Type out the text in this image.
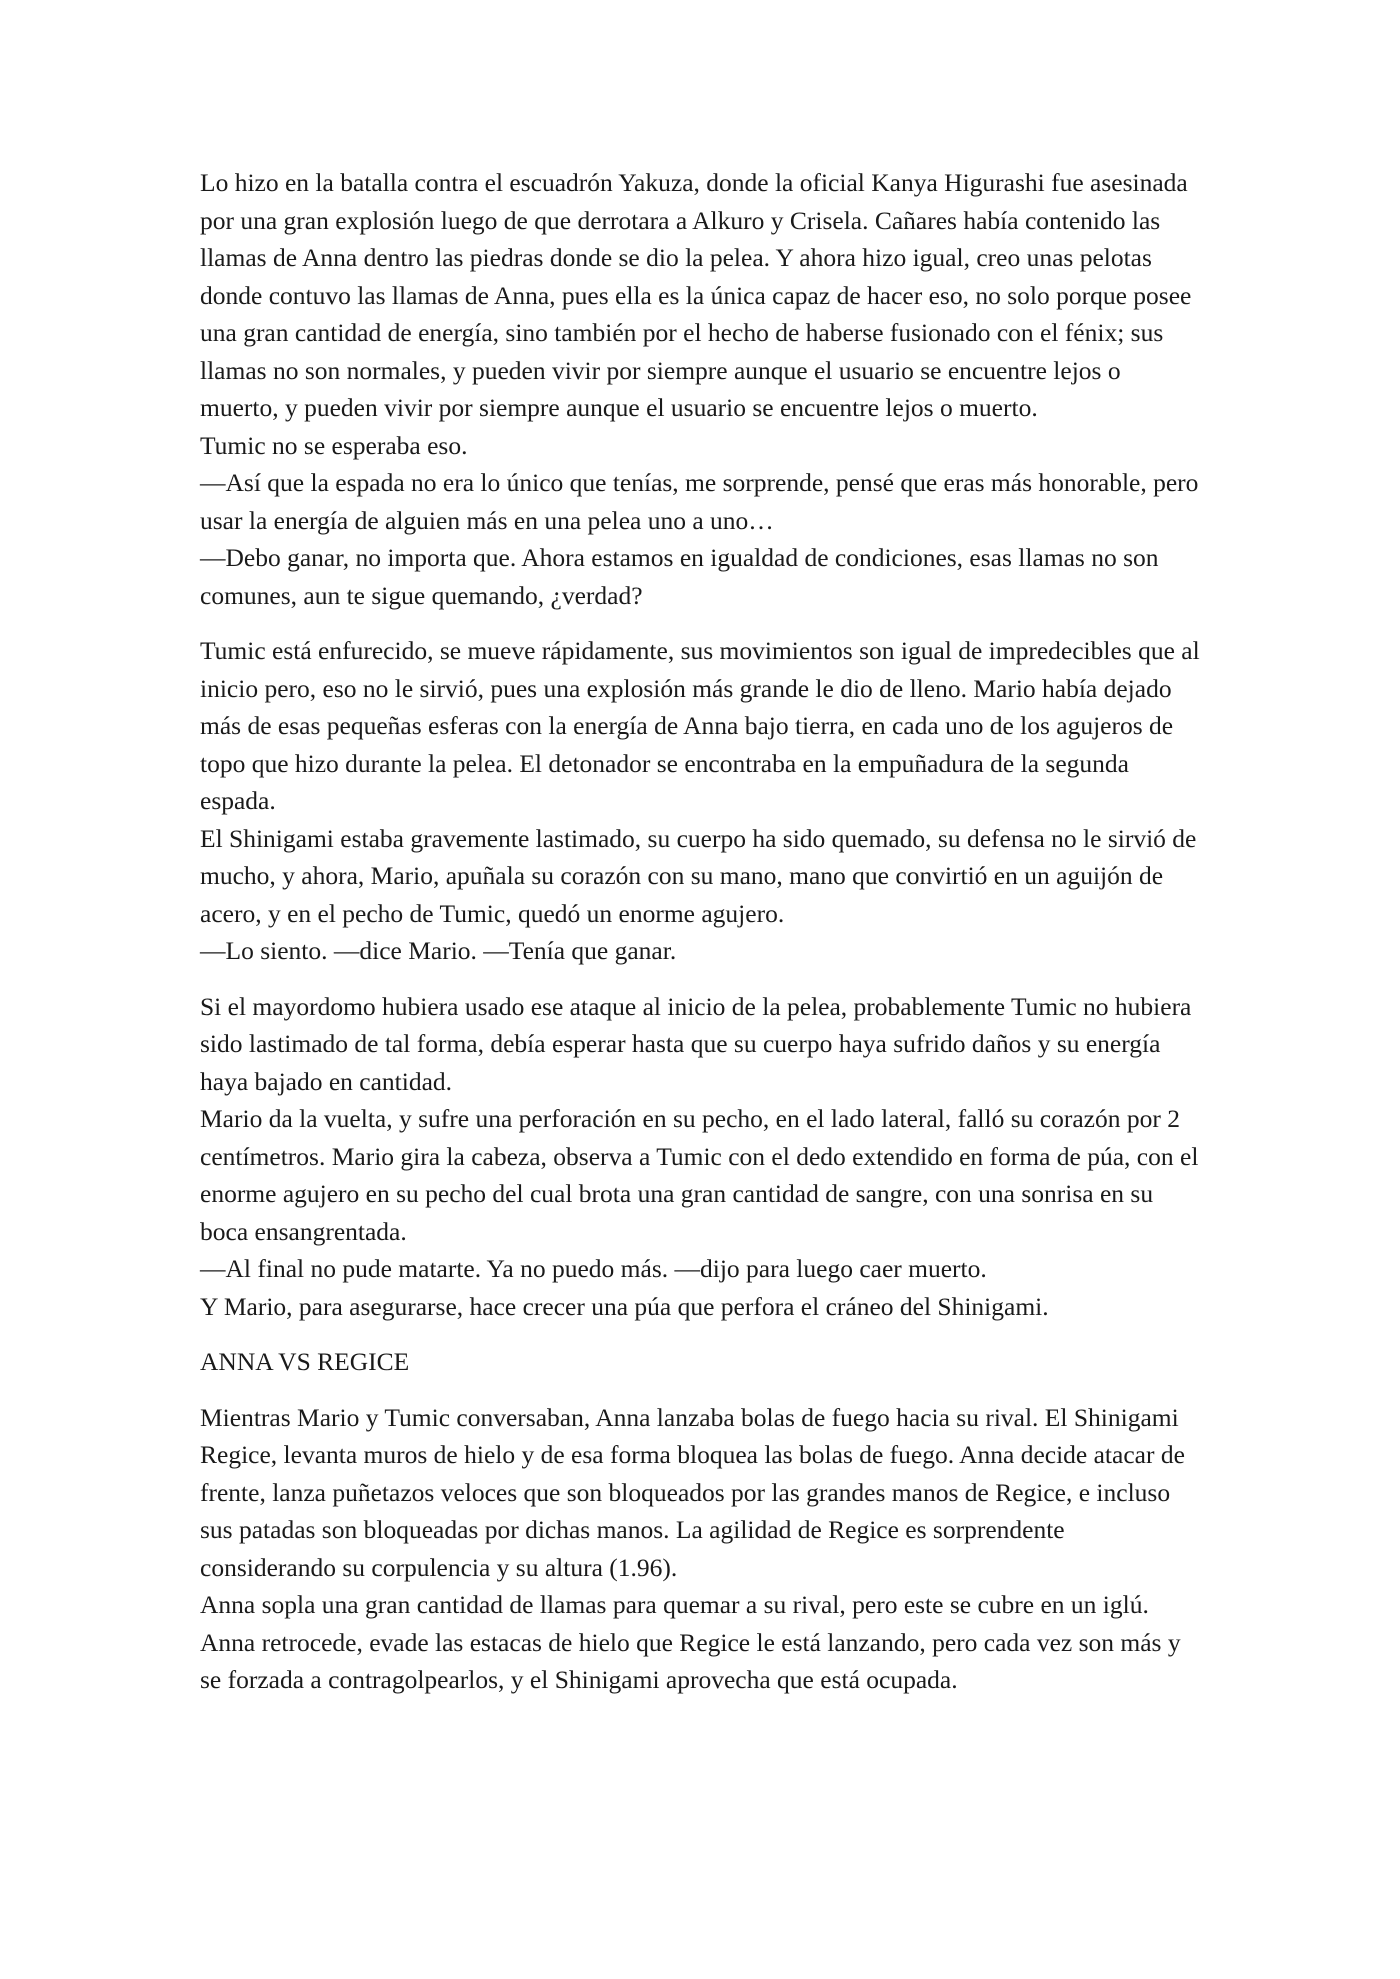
Lo hizo en la batalla contra el escuadrón Yakuza, donde la oficial Kanya Higurashi fue asesinada por una gran explosión luego de que derrotara a Alkuro y Crisela. Cañares había contenido las llamas de Anna dentro las piedras donde se dio la pelea. Y ahora hizo igual, creo unas pelotas donde contuvo las llamas de Anna, pues ella es la única capaz de hacer eso, no solo porque posee una gran cantidad de energía, sino también por el hecho de haberse fusionado con el fénix; sus llamas no son normales, y pueden vivir por siempre aunque el usuario se encuentre lejos o muerto, y pueden vivir por siempre aunque el usuario se encuentre lejos o muerto.

Tumic no se esperaba eso.

—Así que la espada no era lo único que tenías, me sorprende, pensé que eras más honorable, pero usar la energía de alguien más en una pelea uno a uno…

—Debo ganar, no importa que. Ahora estamos en igualdad de condiciones, esas llamas no son comunes, aun te sigue quemando, ¿verdad?

Tumic está enfurecido, se mueve rápidamente, sus movimientos son igual de impredecibles que al inicio pero, eso no le sirvió, pues una explosión más grande le dio de lleno. Mario había dejado más de esas pequeñas esferas con la energía de Anna bajo tierra, en cada uno de los agujeros de topo que hizo durante la pelea. El detonador se encontraba en la empuñadura de la segunda espada.

El Shinigami estaba gravemente lastimado, su cuerpo ha sido quemado, su defensa no le sirvió de mucho, y ahora, Mario, apuñala su corazón con su mano, mano que convirtió en un aguijón de acero, y en el pecho de Tumic, quedó un enorme agujero.

—Lo siento. —dice Mario. —Tenía que ganar.

Si el mayordomo hubiera usado ese ataque al inicio de la pelea, probablemente Tumic no hubiera sido lastimado de tal forma, debía esperar hasta que su cuerpo haya sufrido daños y su energía haya bajado en cantidad.

Mario da la vuelta, y sufre una perforación en su pecho, en el lado lateral, falló su corazón por 2 centímetros. Mario gira la cabeza, observa a Tumic con el dedo extendido en forma de púa, con el enorme agujero en su pecho del cual brota una gran cantidad de sangre, con una sonrisa en su boca ensangrentada.

—Al final no pude matarte. Ya no puedo más. —dijo para luego caer muerto.

Y Mario, para asegurarse, hace crecer una púa que perfora el cráneo del Shinigami.

ANNA VS REGICE

Mientras Mario y Tumic conversaban, Anna lanzaba bolas de fuego hacia su rival. El Shinigami Regice, levanta muros de hielo y de esa forma bloquea las bolas de fuego. Anna decide atacar de frente, lanza puñetazos veloces que son bloqueados por las grandes manos de Regice, e incluso sus patadas son bloqueadas por dichas manos. La agilidad de Regice es sorprendente considerando su corpulencia y su altura (1.96).

Anna sopla una gran cantidad de llamas para quemar a su rival, pero este se cubre en un iglú.

Anna retrocede, evade las estacas de hielo que Regice le está lanzando, pero cada vez son más y se forzada a contragolpearlos, y el Shinigami aprovecha que está ocupada.
